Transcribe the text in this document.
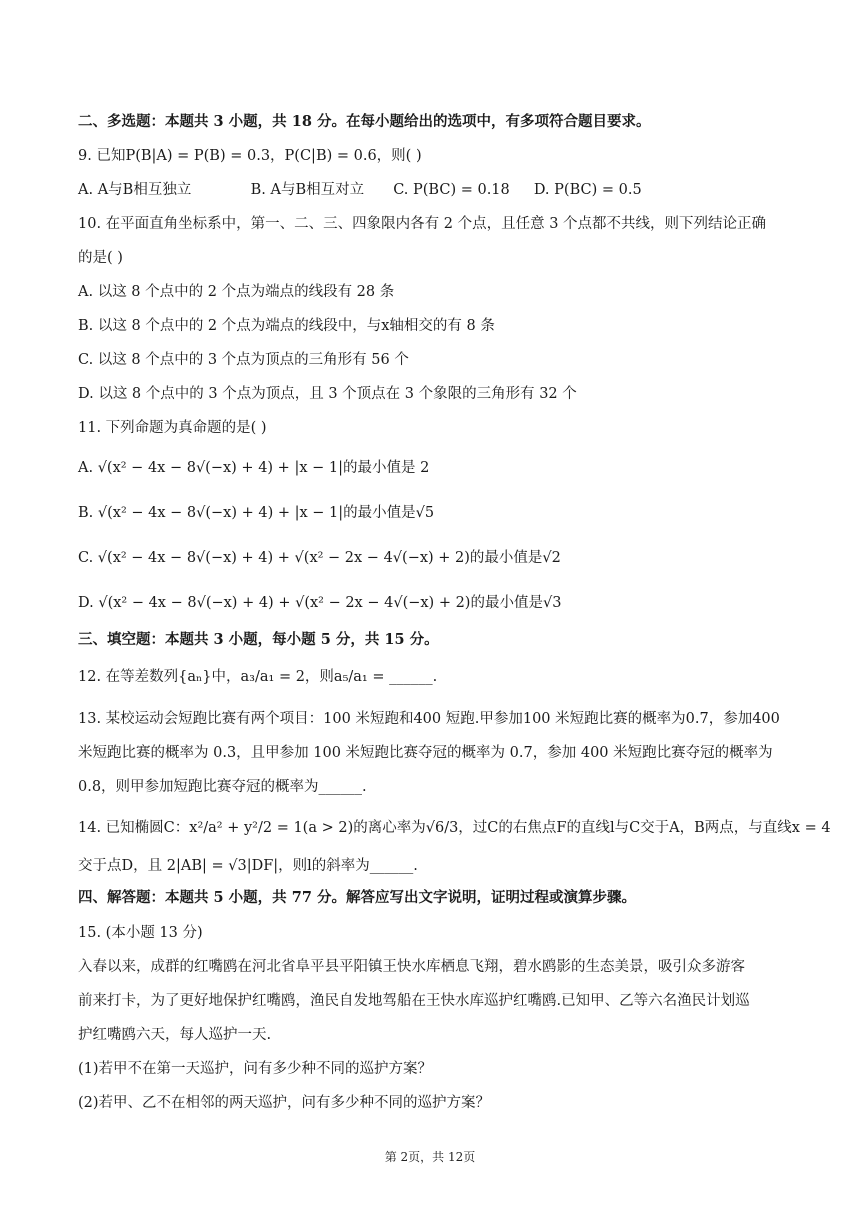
二、多选题：本题共 3 小题，共 18 分。在每小题给出的选项中，有多项符合题目要求。
9. 已知P(B|A) = P(B) = 0.3，P(C|B) = 0.6，则( )
A. A与B相互独立	B. A与B相互对立 C. P(BC) = 0.18 D. P(BC) = 0.5
10. 在平面直角坐标系中，第一、二、三、四象限内各有 2 个点，且任意 3 个点都不共线，则下列结论正确
的是( )
A. 以这 8 个点中的 2 个点为端点的线段有 28 条
B. 以这 8 个点中的 2 个点为端点的线段中，与x轴相交的有 8 条
C. 以这 8 个点中的 3 个点为顶点的三角形有 56 个
D. 以这 8 个点中的 3 个点为顶点，且 3 个顶点在 3 个象限的三角形有 32 个
11. 下列命题为真命题的是( )
A. √(x² − 4x − 8√(−x) + 4) + |x − 1|的最小值是 2
B. √(x² − 4x − 8√(−x) + 4) + |x − 1|的最小值是√5
C. √(x² − 4x − 8√(−x) + 4) + √(x² − 2x − 4√(−x) + 2)的最小值是√2
D. √(x² − 4x − 8√(−x) + 4) + √(x² − 2x − 4√(−x) + 2)的最小值是√3
三、填空题：本题共 3 小题，每小题 5 分，共 15 分。
12. 在等差数列{aₙ}中，a₃/a₁ = 2，则a₅/a₁ = ______.
13. 某校运动会短跑比赛有两个项目：100 米短跑和400 短跑.甲参加100 米短跑比赛的概率为0.7，参加400
米短跑比赛的概率为 0.3，且甲参加 100 米短跑比赛夺冠的概率为 0.7，参加 400 米短跑比赛夺冠的概率为
0.8，则甲参加短跑比赛夺冠的概率为______.
14. 已知椭圆C：x²/a² + y²/2 = 1(a > 2)的离心率为√6/3，过C的右焦点F的直线l与C交于A，B两点，与直线x = 4
交于点D，且 2|AB| = √3|DF|，则l的斜率为______.
四、解答题：本题共 5 小题，共 77 分。解答应写出文字说明，证明过程或演算步骤。
15. (本小题 13 分)
入春以来，成群的红嘴鸥在河北省阜平县平阳镇王快水库栖息飞翔，碧水鸥影的生态美景，吸引众多游客
前来打卡，为了更好地保护红嘴鸥，渔民自发地驾船在王快水库巡护红嘴鸥.已知甲、乙等六名渔民计划巡
护红嘴鸥六天，每人巡护一天.
(1)若甲不在第一天巡护，问有多少种不同的巡护方案？
(2)若甲、乙不在相邻的两天巡护，问有多少种不同的巡护方案？
第 2页，共 12页
